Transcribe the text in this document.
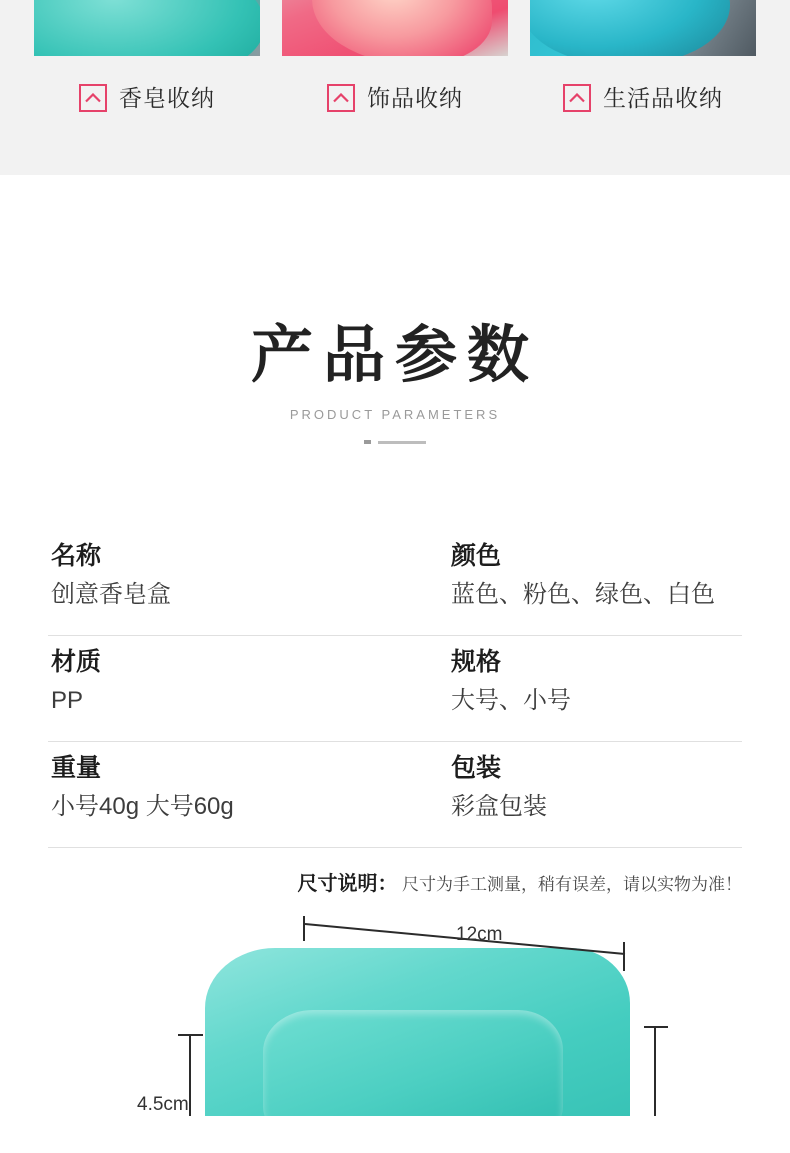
香皂收纳	饰品收纳	生活品收纳
产品参数
PRODUCT PARAMETERS
名称
创意香皂盒
颜色
蓝色、粉色、绿色、白色
材质
PP
规格
大号、小号
重量
小号40g 大号60g
包装
彩盒包装
尺寸说明： 尺寸为手工测量，稍有误差，请以实物为准！
12cm
4.5cm
